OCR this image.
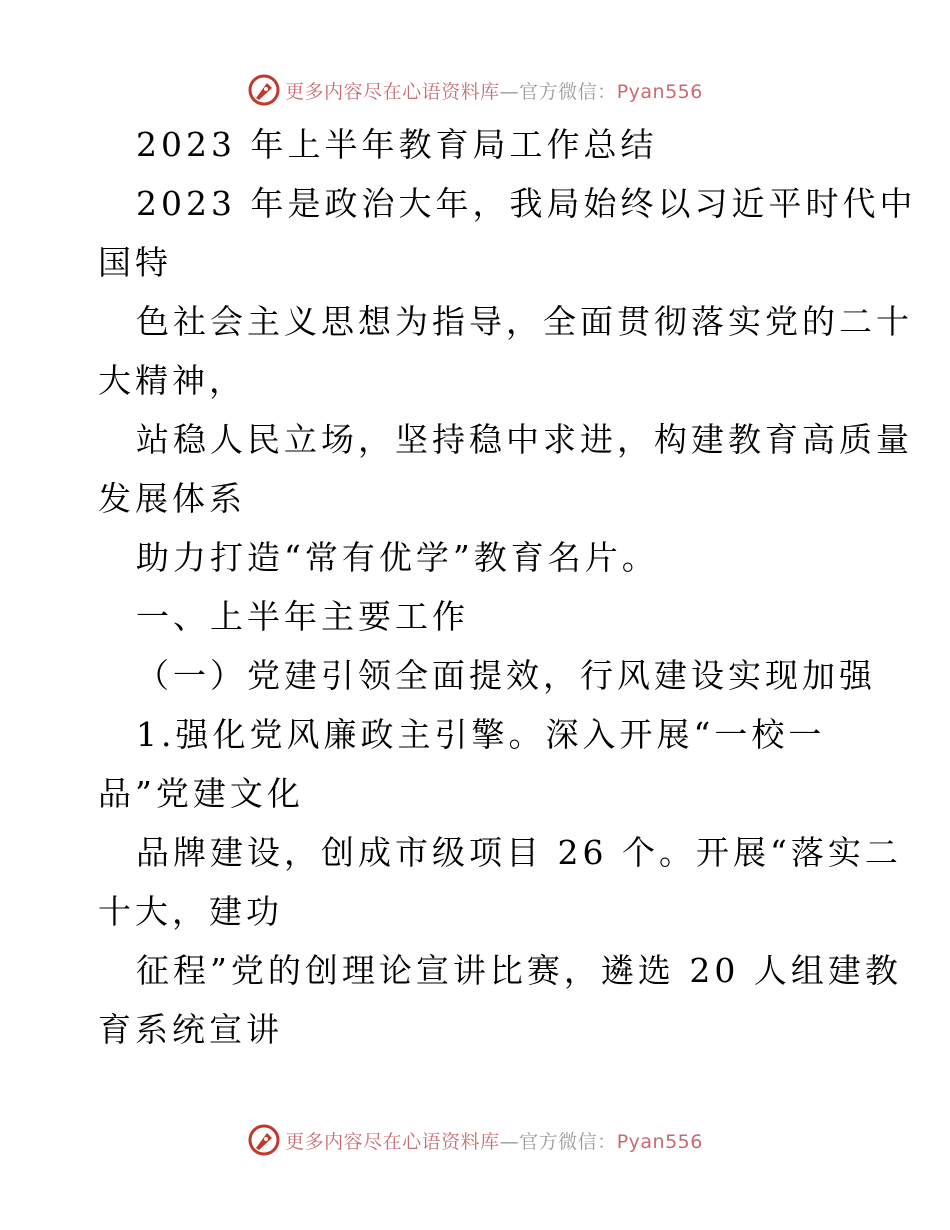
更多内容尽在心语资料库—官方微信：Pyan556
2023 年上半年教育局工作总结
2023 年是政治大年，我局始终以习近平时代中
国特
色社会主义思想为指导，全面贯彻落实党的二十
大精神，
站稳人民立场，坚持稳中求进，构建教育高质量
发展体系
助力打造“常有优学”教育名片。
一、上半年主要工作
（一）党建引领全面提效，行风建设实现加强
1.强化党风廉政主引擎。深入开展“一校一
品”党建文化
品牌建设，创成市级项目 26 个。开展“落实二
十大，建功
征程”党的创理论宣讲比赛，遴选 20 人组建教
育系统宣讲
更多内容尽在心语资料库—官方微信：Pyan556
